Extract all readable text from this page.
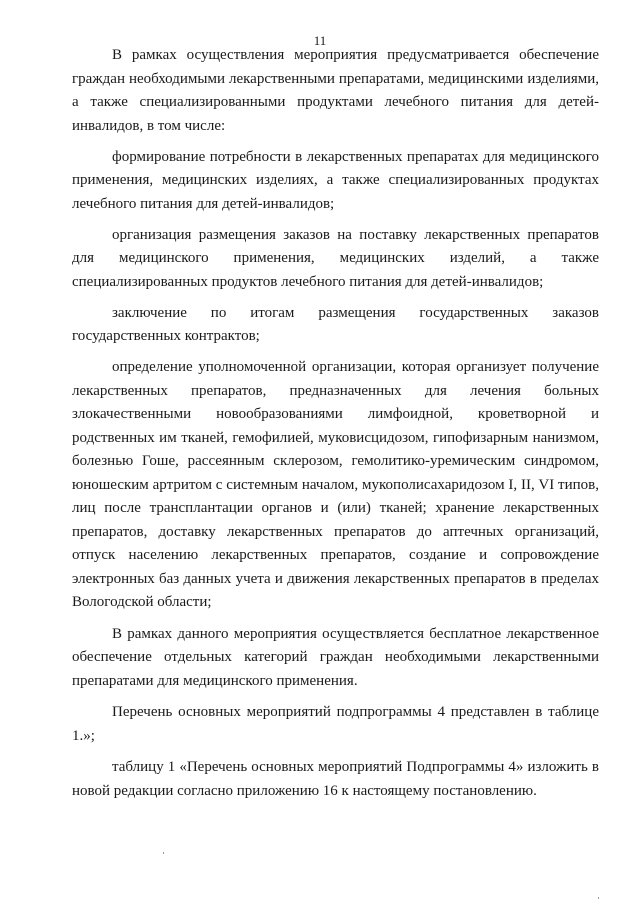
11

В рамках осуществления мероприятия предусматривается обеспечение граждан необходимыми лекарственными препаратами, медицинскими изделиями, а также специализированными продуктами лечебного питания для детей-инвалидов, в том числе:

формирование потребности в лекарственных препаратах для медицинского применения, медицинских изделиях, а также специализированных продуктах лечебного питания для детей-инвалидов;

организация размещения заказов на поставку лекарственных препаратов для медицинского применения, медицинских изделий, а также специализированных продуктов лечебного питания для детей-инвалидов;

заключение по итогам размещения государственных заказов государственных контрактов;

определение уполномоченной организации, которая организует получение лекарственных препаратов, предназначенных для лечения больных злокачественными новообразованиями лимфоидной, кроветворной и родственных им тканей, гемофилией, муковисцидозом, гипофизарным нанизмом, болезнью Гоше, рассеянным склерозом, гемолитико-уремическим синдромом, юношеским артритом с системным началом, мукополисахаридозом I, II, VI типов, лиц после трансплантации органов и (или) тканей; хранение лекарственных препаратов, доставку лекарственных препаратов до аптечных организаций, отпуск населению лекарственных препаратов, создание и сопровождение электронных баз данных учета и движения лекарственных препаратов в пределах Вологодской области;

В рамках данного мероприятия осуществляется бесплатное лекарственное обеспечение отдельных категорий граждан необходимыми лекарственными препаратами для медицинского применения.

Перечень основных мероприятий подпрограммы 4 представлен в таблице 1.»;

таблицу 1 «Перечень основных мероприятий Подпрограммы 4» изложить в новой редакции согласно приложению 16 к настоящему постановлению.
